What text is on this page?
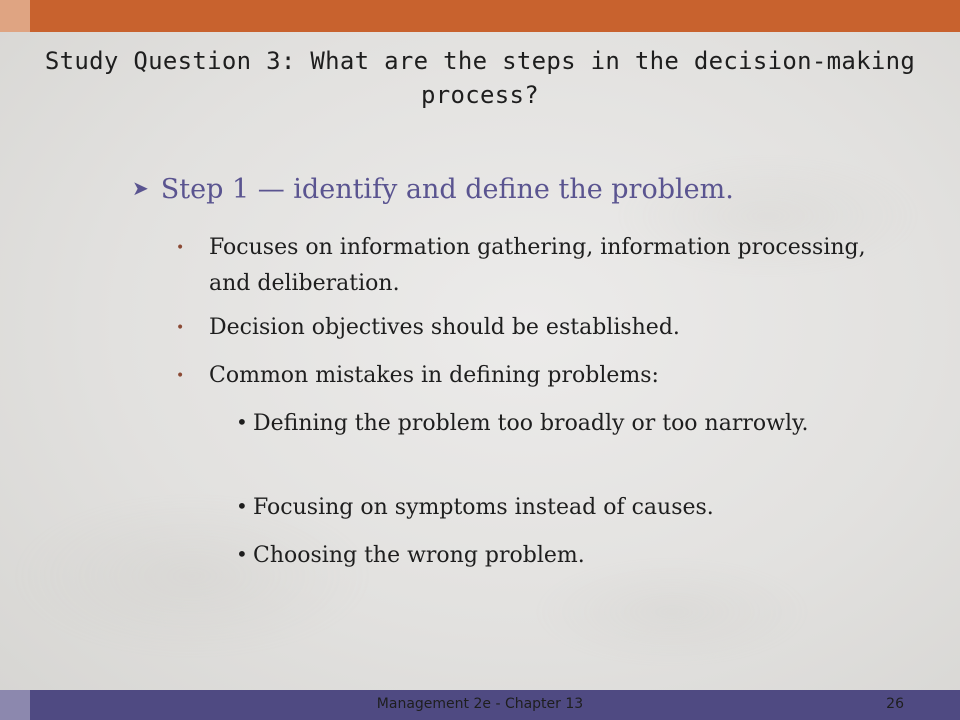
Study Question 3: What are the steps in the decision-making process?
➤ Step 1 — identify and define the problem.
• Focuses on information gathering, information processing, and deliberation.
• Decision objectives should be established.
• Common mistakes in defining problems:
• Defining the problem too broadly or too narrowly.
• Focusing on symptoms instead of causes.
• Choosing the wrong problem.
Management 2e - Chapter 13	26
